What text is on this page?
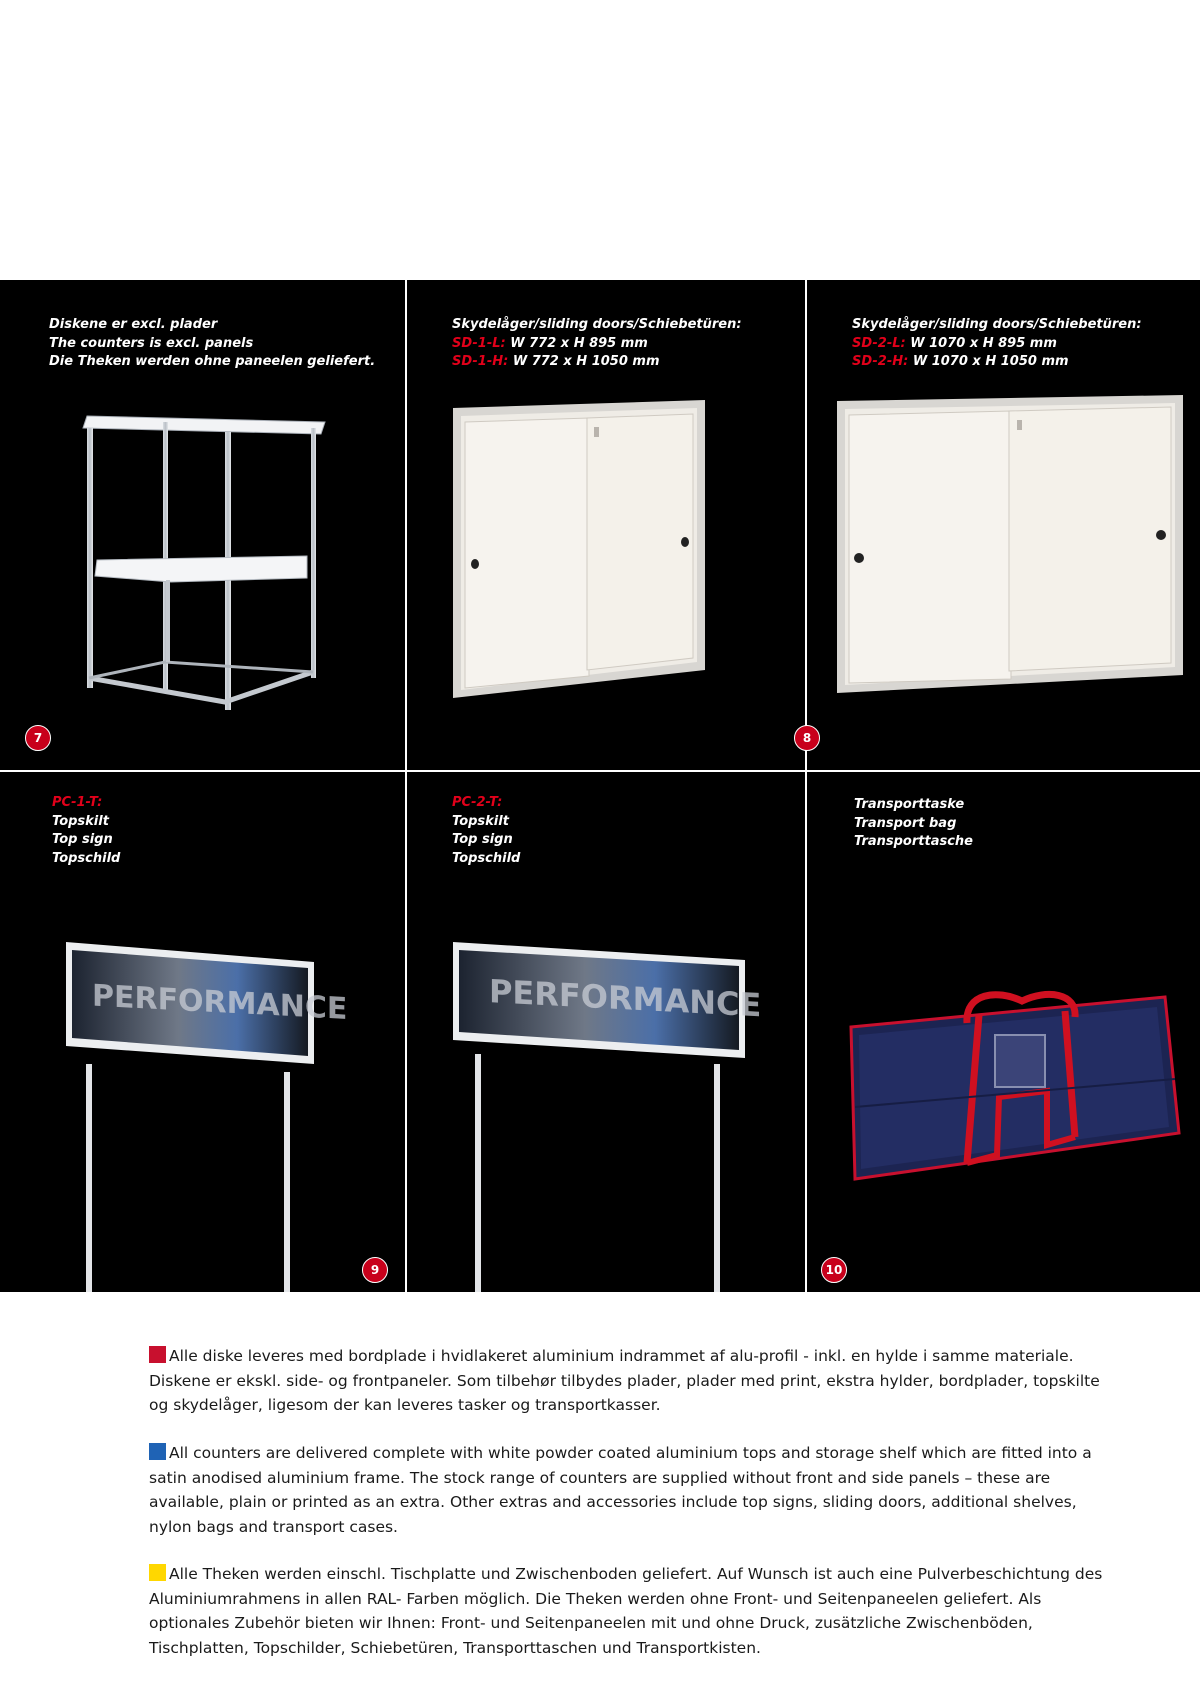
Diskene er excl. plader
The counters is excl. panels
Die Theken werden ohne paneelen geliefert.
7
Skydelåger/sliding doors/Schiebetüren:
SD-1-L: W 772 x H 895 mm
SD-1-H: W 772 x H 1050 mm
Skydelåger/sliding doors/Schiebetüren:
SD-2-L: W 1070 x H 895 mm
SD-2-H: W 1070 x H 1050 mm
8
PC-1-T:
Topskilt
Top sign
Topschild
PERFORMANCE
PC-2-T:
Topskilt
Top sign
Topschild
PERFORMANCE
9
Transporttaske
Transport bag
Transporttasche
10

Alle diske leveres med bordplade i hvidlakeret aluminium indrammet af alu-profil - inkl. en hylde i samme materiale. Diskene er ekskl. side- og frontpaneler. Som tilbehør tilbydes plader, plader med print, ekstra hylder, bordplader, topskilte og skydelåger, ligesom der kan leveres tasker og transportkasser.

All counters are delivered complete with white powder coated aluminium tops and storage shelf which are fitted into a satin anodised aluminium frame. The stock range of counters are supplied without front and side panels – these are available, plain or printed as an extra. Other extras and accessories include top signs, sliding doors, additional shelves, nylon bags and transport cases.

Alle Theken werden einschl. Tischplatte und Zwischenboden geliefert. Auf Wunsch ist auch eine Pulverbeschichtung des Aluminiumrahmens in allen RAL- Farben möglich. Die Theken werden ohne Front- und Seitenpaneelen geliefert. Als optionales Zubehör bieten wir Ihnen: Front- und Seitenpaneelen mit und ohne Druck, zusätzliche Zwischenböden, Tischplatten, Topschilder, Schiebetüren, Transporttaschen und Transportkisten.
